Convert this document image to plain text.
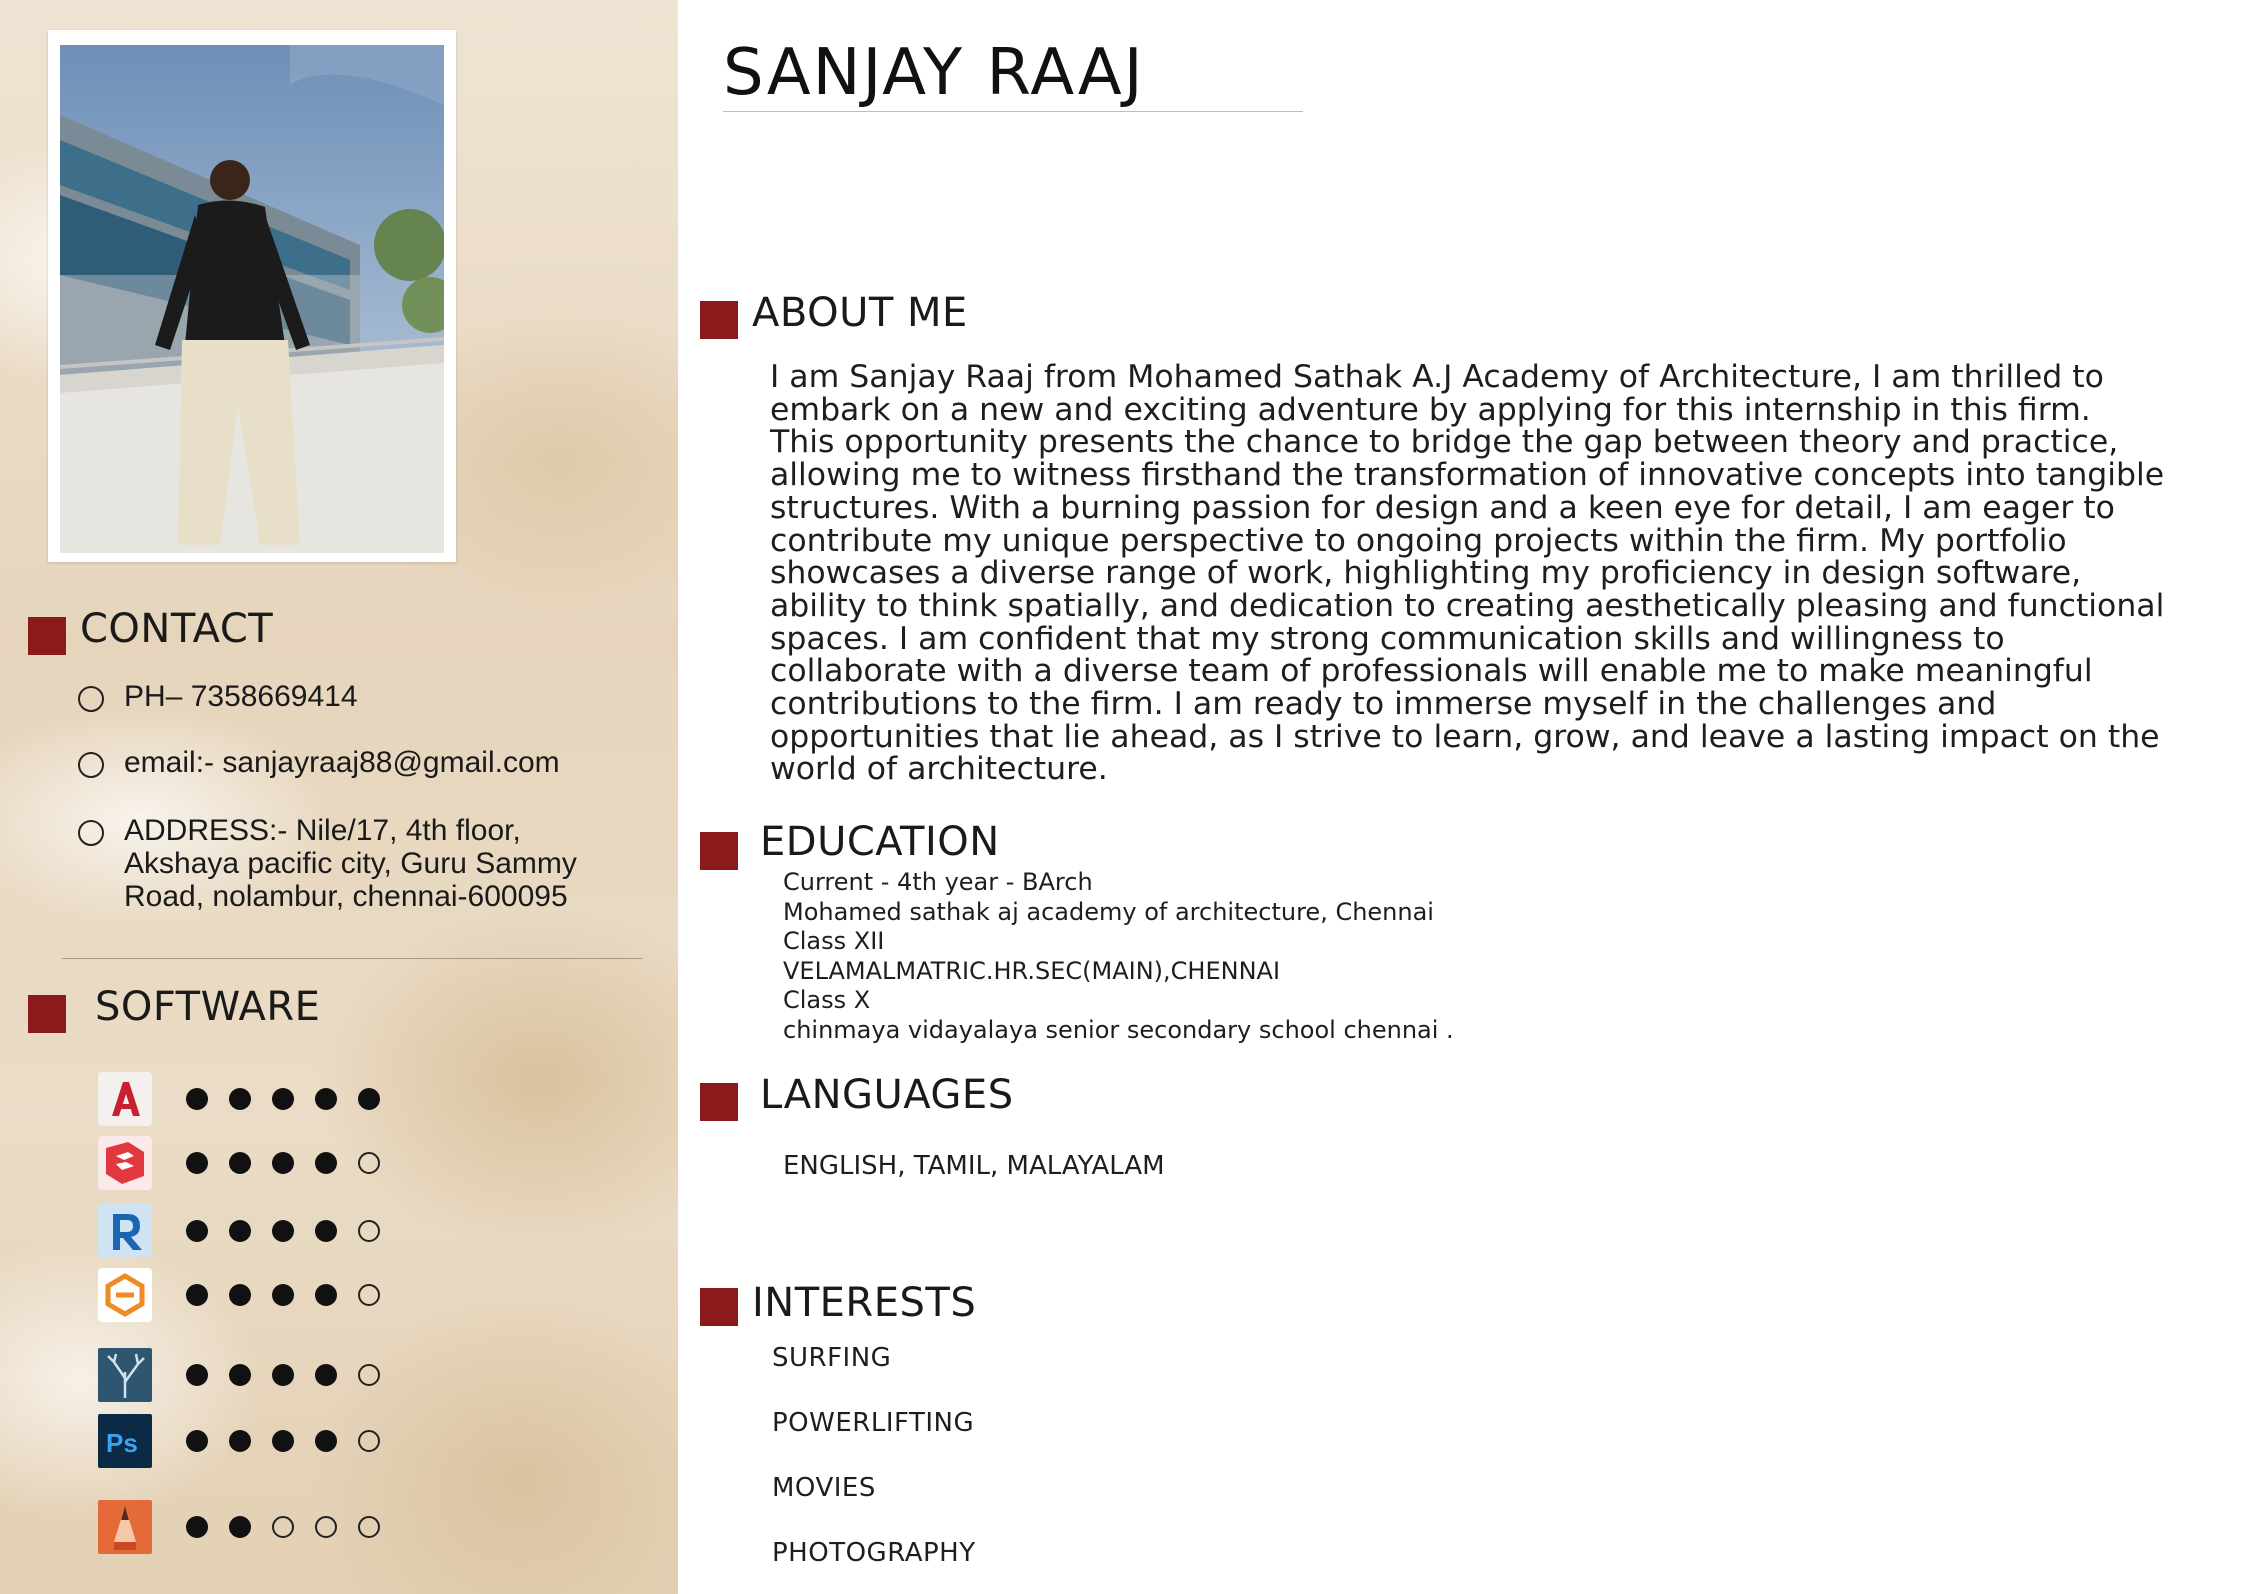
CONTACT
PH– 7358669414
email:- sanjayraaj88@gmail.com
ADDRESS:- Nile/17, 4th floor,
Akshaya pacific city, Guru Sammy
Road, nolambur, chennai-600095
SOFTWARE
Ps
SANJAY RAAJ
ABOUT ME
I am Sanjay Raaj from Mohamed Sathak A.J Academy of Architecture, I am thrilled to
embark on a new and exciting adventure by applying for this internship in this firm.
This opportunity presents the chance to bridge the gap between theory and practice,
allowing me to witness firsthand the transformation of innovative concepts into tangible
structures. With a burning passion for design and a keen eye for detail, I am eager to
contribute my unique perspective to ongoing projects within the firm. My portfolio
showcases a diverse range of work, highlighting my proficiency in design software,
ability to think spatially, and dedication to creating aesthetically pleasing and functional
spaces. I am confident that my strong communication skills and willingness to
collaborate with a diverse team of professionals will enable me to make meaningful
contributions to the firm. I am ready to immerse myself in the challenges and
opportunities that lie ahead, as I strive to learn, grow, and leave a lasting impact on the
world of architecture.
EDUCATION
Current - 4th year - BArch
Mohamed sathak aj academy of architecture, Chennai
Class XII
VELAMALMATRIC.HR.SEC(MAIN),CHENNAI
Class X
chinmaya vidayalaya senior secondary school chennai .
LANGUAGES
ENGLISH, TAMIL, MALAYALAM
INTERESTS
SURFING
POWERLIFTING
MOVIES
PHOTOGRAPHY
